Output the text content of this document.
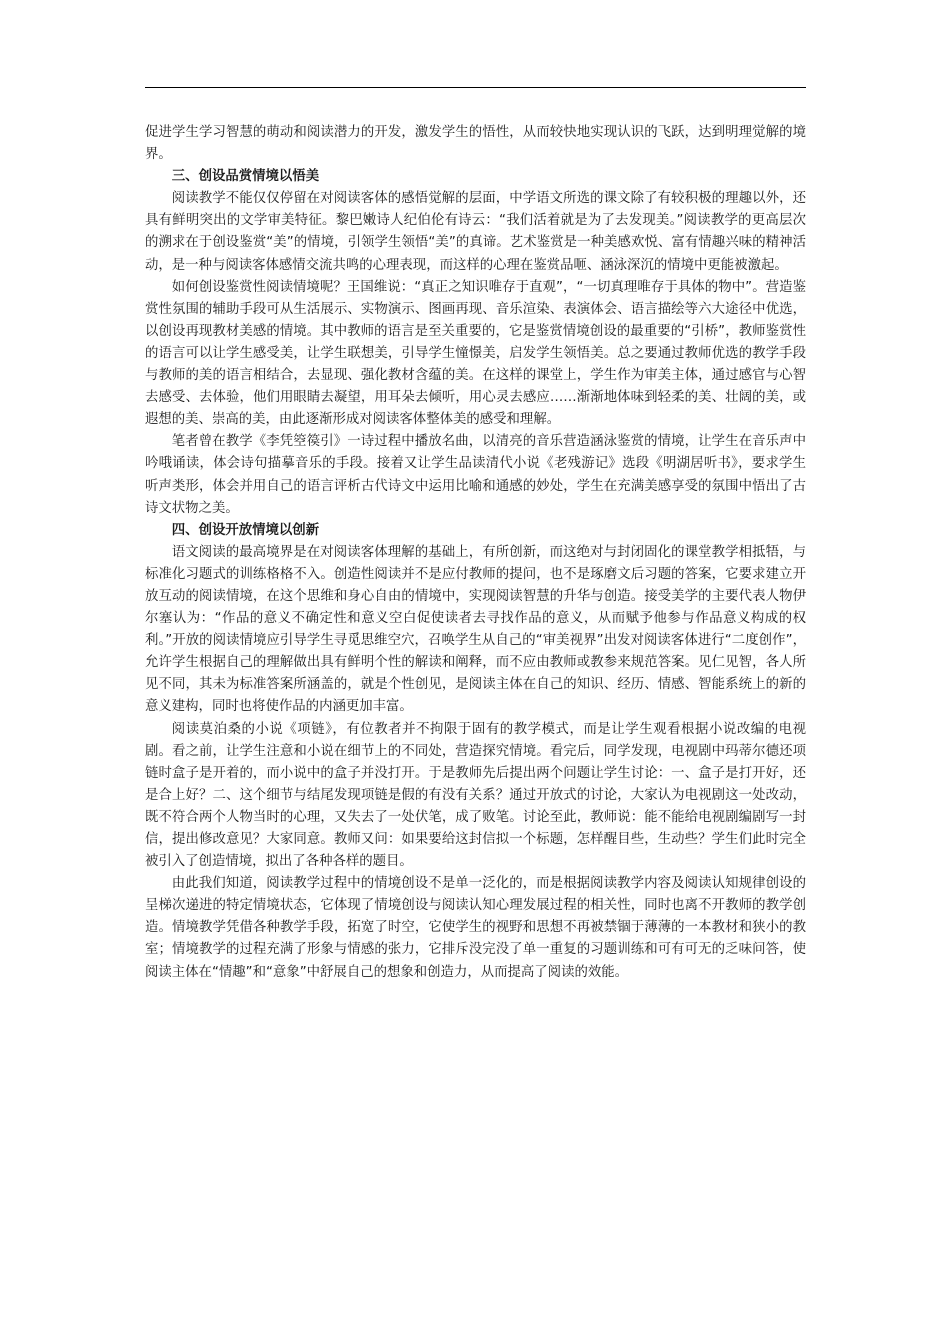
促进学生学习智慧的萌动和阅读潜力的开发，激发学生的悟性，从而较快地实现认识的飞跃，达到明理觉解的境界。

三、创设品赏情境以悟美

阅读教学不能仅仅停留在对阅读客体的感悟觉解的层面，中学语文所选的课文除了有较积极的理趣以外，还具有鲜明突出的文学审美特征。黎巴嫩诗人纪伯伦有诗云：“我们活着就是为了去发现美。”阅读教学的更高层次的溯求在于创设鉴赏“美”的情境，引领学生领悟“美”的真谛。艺术鉴赏是一种美感欢悦、富有情趣兴味的精神活动，是一种与阅读客体感情交流共鸣的心理表现，而这样的心理在鉴赏品咂、涵泳深沉的情境中更能被激起。

如何创设鉴赏性阅读情境呢？王国维说：“真正之知识唯存于直观”，“一切真理唯存于具体的物中”。营造鉴赏性氛围的辅助手段可从生活展示、实物演示、图画再现、音乐渲染、表演体会、语言描绘等六大途径中优选，以创设再现教材美感的情境。其中教师的语言是至关重要的，它是鉴赏情境创设的最重要的“引桥”，教师鉴赏性的语言可以让学生感受美，让学生联想美，引导学生憧憬美，启发学生领悟美。总之要通过教师优选的教学手段与教师的美的语言相结合，去显现、强化教材含蕴的美。在这样的课堂上，学生作为审美主体，通过感官与心智去感受、去体验，他们用眼睛去凝望，用耳朵去倾听，用心灵去感应……渐渐地体味到轻柔的美、壮阔的美，或遐想的美、崇高的美，由此逐渐形成对阅读客体整体美的感受和理解。

笔者曾在教学《李凭箜篌引》一诗过程中播放名曲，以清亮的音乐营造涵泳鉴赏的情境，让学生在音乐声中吟哦诵读，体会诗句描摹音乐的手段。接着又让学生品读清代小说《老残游记》选段《明湖居听书》，要求学生听声类形，体会并用自己的语言评析古代诗文中运用比喻和通感的妙处，学生在充满美感享受的氛围中悟出了古诗文状物之美。

四、创设开放情境以创新

语文阅读的最高境界是在对阅读客体理解的基础上，有所创新，而这绝对与封闭固化的课堂教学相抵牾，与标准化习题式的训练格格不入。创造性阅读并不是应付教师的提问，也不是琢磨文后习题的答案，它要求建立开放互动的阅读情境，在这个思维和身心自由的情境中，实现阅读智慧的升华与创造。接受美学的主要代表人物伊尔塞认为：“作品的意义不确定性和意义空白促使读者去寻找作品的意义，从而赋予他参与作品意义构成的权利。”开放的阅读情境应引导学生寻觅思维空穴，召唤学生从自己的“审美视界”出发对阅读客体进行“二度创作”，允许学生根据自己的理解做出具有鲜明个性的解读和阐释，而不应由教师或教参来规范答案。见仁见智，各人所见不同，其未为标准答案所涵盖的，就是个性创见，是阅读主体在自己的知识、经历、情感、智能系统上的新的意义建构，同时也将使作品的内涵更加丰富。

阅读莫泊桑的小说《项链》，有位教者并不拘限于固有的教学模式，而是让学生观看根据小说改编的电视剧。看之前，让学生注意和小说在细节上的不同处，营造探究情境。看完后，同学发现，电视剧中玛蒂尔德还项链时盒子是开着的，而小说中的盒子并没打开。于是教师先后提出两个问题让学生讨论：一、盒子是打开好，还是合上好？二、这个细节与结尾发现项链是假的有没有关系？通过开放式的讨论，大家认为电视剧这一处改动，既不符合两个人物当时的心理，又失去了一处伏笔，成了败笔。讨论至此，教师说：能不能给电视剧编剧写一封信，提出修改意见？大家同意。教师又问：如果要给这封信拟一个标题，怎样醒目些，生动些？学生们此时完全被引入了创造情境，拟出了各种各样的题目。

由此我们知道，阅读教学过程中的情境创设不是单一泛化的，而是根据阅读教学内容及阅读认知规律创设的呈梯次递进的特定情境状态，它体现了情境创设与阅读认知心理发展过程的相关性，同时也离不开教师的教学创造。情境教学凭借各种教学手段，拓宽了时空，它使学生的视野和思想不再被禁锢于薄薄的一本教材和狭小的教室；情境教学的过程充满了形象与情感的张力，它排斥没完没了单一重复的习题训练和可有可无的乏味问答，使阅读主体在“情趣”和“意象”中舒展自己的想象和创造力，从而提高了阅读的效能。
